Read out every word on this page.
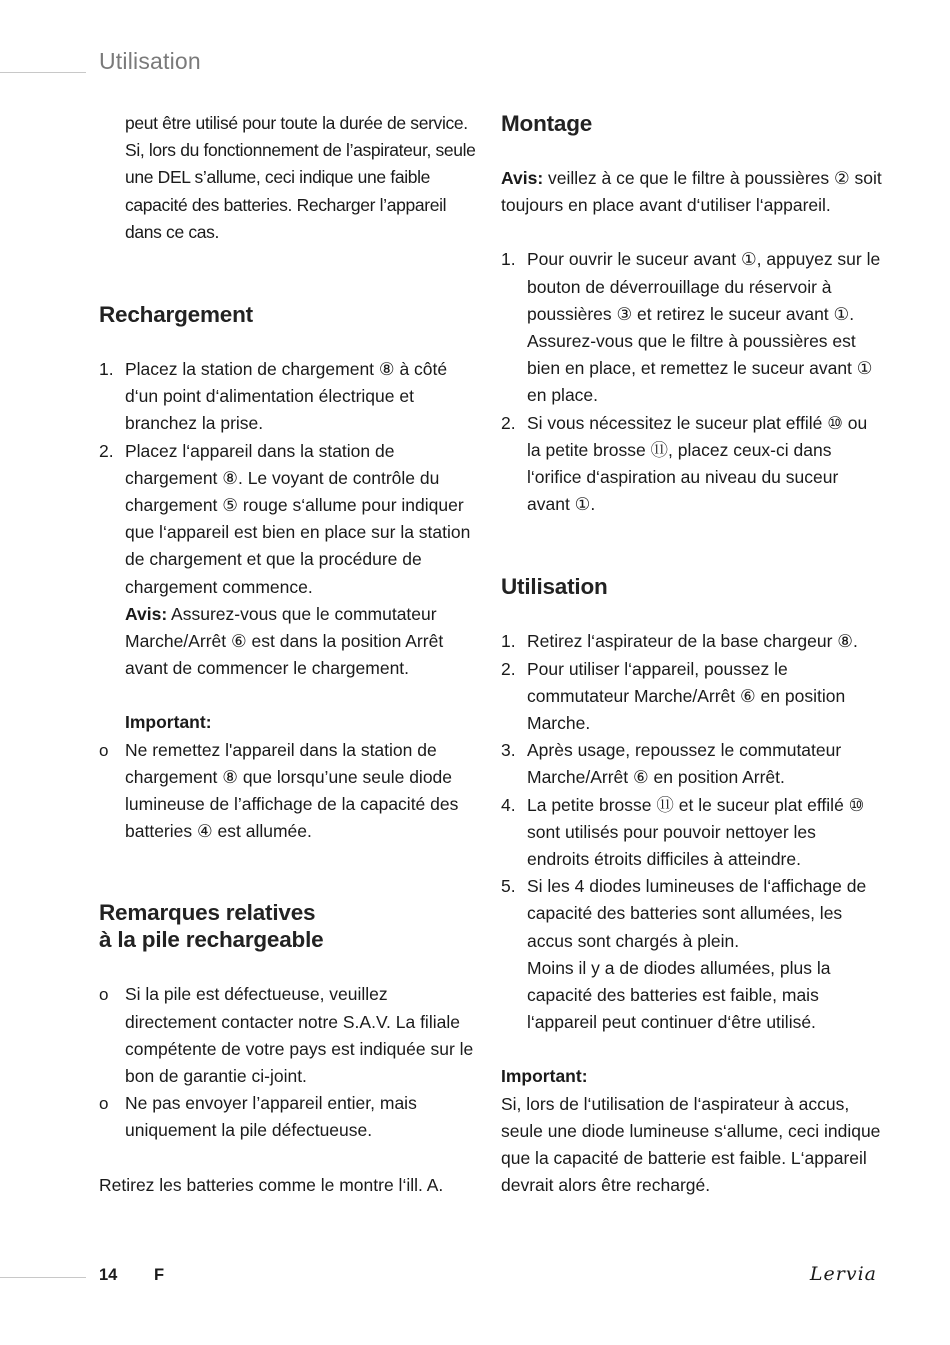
Utilisation

peut être utilisé pour toute la durée de service. Si, lors du fonctionnement de l’aspirateur, seule une DEL s’allume, ceci indique une faible capacité des batteries. Recharger l’appareil dans ce cas.

Rechargement
1. Placez la station de chargement ⑧ à côté d‘un point d‘alimentation électrique et branchez la prise.
2. Placez l‘appareil dans la station de chargement ⑧. Le voyant de contrôle du chargement ⑤ rouge s‘allume pour indiquer que l‘appareil est bien en place sur la station de chargement et que la procédure de chargement commence.

Avis: Assurez-vous que le commutateur Marche/Arrêt ⑥ est dans la position Arrêt avant de commencer le chargement.

Important:

o Ne remettez l'appareil dans la station de chargement ⑧ que lorsqu’une seule diode lumineuse de l’affichage de la capacité des batteries ④ est allumée.
Remarques relatives
à la pile rechargeable
o Si la pile est défectueuse, veuillez directement contacter notre S.A.V. La filiale compétente de votre pays est indiquée sur le bon de garantie ci-joint.
o Ne pas envoyer l’appareil entier, mais uniquement la pile défectueuse.

Retirez les batteries comme le montre l‘ill. A.

Montage

Avis: veillez à ce que le filtre à poussières ② soit toujours en place avant d‘utiliser l‘appareil.

1. Pour ouvrir le suceur avant ①, appuyez sur le bouton de déverrouillage du réservoir à poussières ③ et retirez le suceur avant ①. Assurez-vous que le filtre à poussières est bien en place, et remettez le suceur avant ① en place.
2. Si vous nécessitez le suceur plat effilé ⑩ ou la petite brosse ⑪, placez ceux-ci dans l‘orifice d‘aspiration au niveau du suceur avant ①.
Utilisation
1. Retirez l‘aspirateur de la base chargeur ⑧.
2. Pour utiliser l‘appareil, poussez le commutateur Marche/Arrêt ⑥ en position Marche.
3. Après usage, repoussez le commutateur Marche/Arrêt ⑥ en position Arrêt.
4. La petite brosse ⑪ et le suceur plat effilé ⑩ sont utilisés pour pouvoir nettoyer les endroits étroits difficiles à atteindre.
5. Si les 4 diodes lumineuses de l‘affichage de capacité des batteries sont allumées, les accus sont chargés à plein.

Moins il y a de diodes allumées, plus la capacité des batteries est faible, mais l‘appareil peut continuer d‘être utilisé.

Important:

Si, lors de l‘utilisation de l‘aspirateur à accus, seule une diode lumineuse s‘allume, ceci indique que la capacité de batterie est faible. L‘appareil devrait alors être rechargé.

14 F	Lervia
